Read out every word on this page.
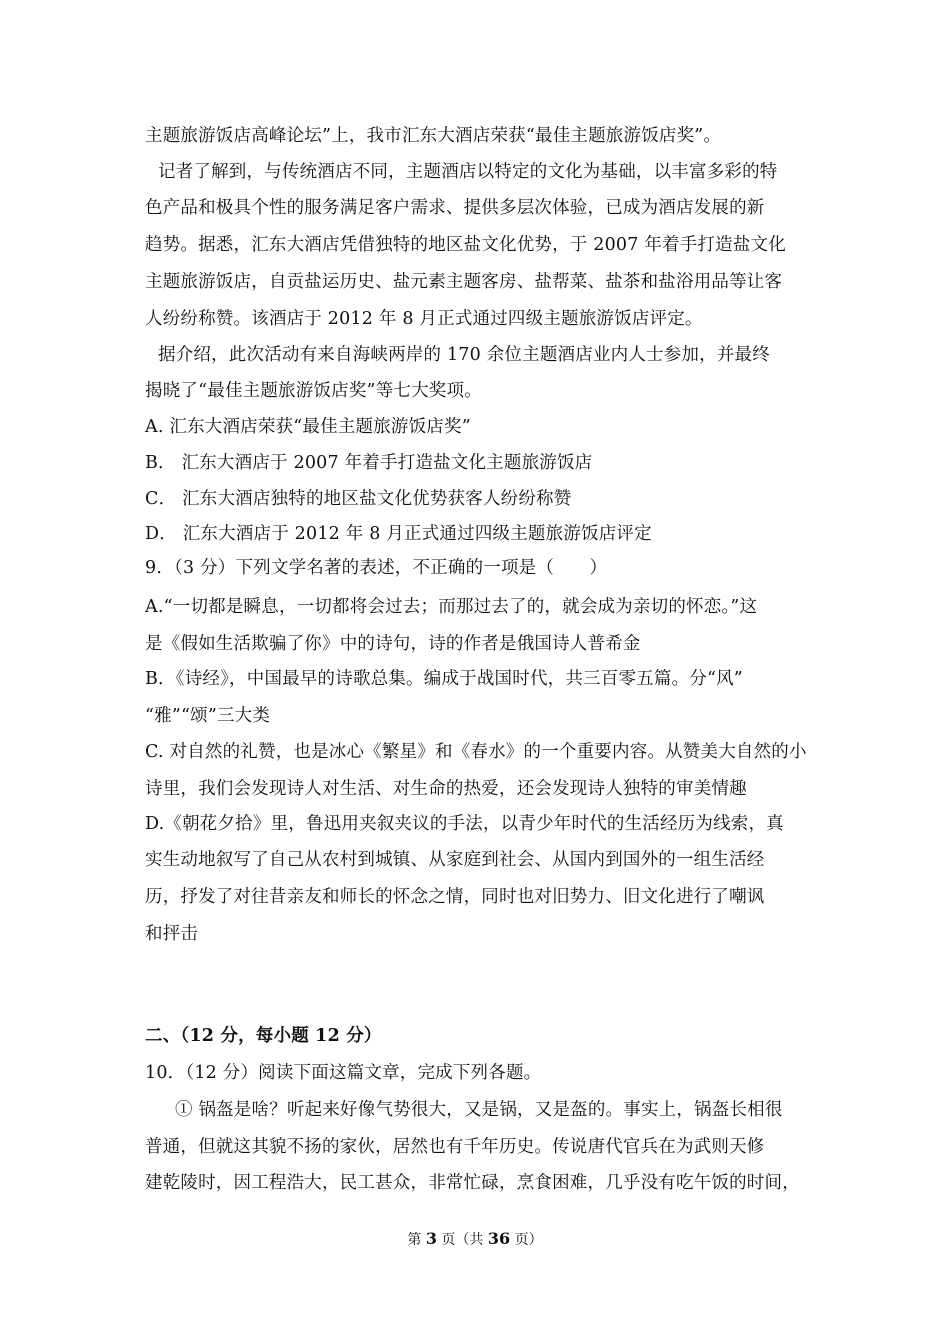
主题旅游饭店高峰论坛”上，我市汇东大酒店荣获“最佳主题旅游饭店奖”。
记者了解到，与传统酒店不同，主题酒店以特定的文化为基础，以丰富多彩的特
色产品和极具个性的服务满足客户需求、提供多层次体验，已成为酒店发展的新
趋势。据悉，汇东大酒店凭借独特的地区盐文化优势，于 2007 年着手打造盐文化
主题旅游饭店，自贡盐运历史、盐元素主题客房、盐帮菜、盐茶和盐浴用品等让客
人纷纷称赞。该酒店于 2012 年 8 月正式通过四级主题旅游饭店评定。
据介绍，此次活动有来自海峡两岸的 170 余位主题酒店业内人士参加，并最终
揭晓了“最佳主题旅游饭店奖”等七大奖项。
A. 汇东大酒店荣获“最佳主题旅游饭店奖”
B． 汇东大酒店于 2007 年着手打造盐文化主题旅游饭店
C． 汇东大酒店独特的地区盐文化优势获客人纷纷称赞
D． 汇东大酒店于 2012 年 8 月正式通过四级主题旅游饭店评定
9．（3 分）下列文学名著的表述，不正确的一项是（　　）
A.“一切都是瞬息，一切都将会过去；而那过去了的，就会成为亲切的怀恋。”这
是《假如生活欺骗了你》中的诗句，诗的作者是俄国诗人普希金
B．《诗经》，中国最早的诗歌总集。编成于战国时代，共三百零五篇。分“风”
“雅”“颂”三大类
C. 对自然的礼赞，也是冰心《繁星》和《春水》的一个重要内容。从赞美大自然的小
诗里，我们会发现诗人对生活、对生命的热爱，还会发现诗人独特的审美情趣
D.《朝花夕拾》里，鲁迅用夹叙夹议的手法，以青少年时代的生活经历为线索，真
实生动地叙写了自己从农村到城镇、从家庭到社会、从国内到国外的一组生活经
历，抒发了对往昔亲友和师长的怀念之情，同时也对旧势力、旧文化进行了嘲讽
和抨击
二、（12 分，每小题 12 分）
10．（12 分）阅读下面这篇文章，完成下列各题。
① 锅盔是啥？听起来好像气势很大，又是锅，又是盔的。事实上，锅盔长相很
普通，但就这其貌不扬的家伙，居然也有千年历史。传说唐代官兵在为武则天修
建乾陵时，因工程浩大，民工甚众，非常忙碌，烹食困难，几乎没有吃午饭的时间，
第 3 页（共 36 页）
